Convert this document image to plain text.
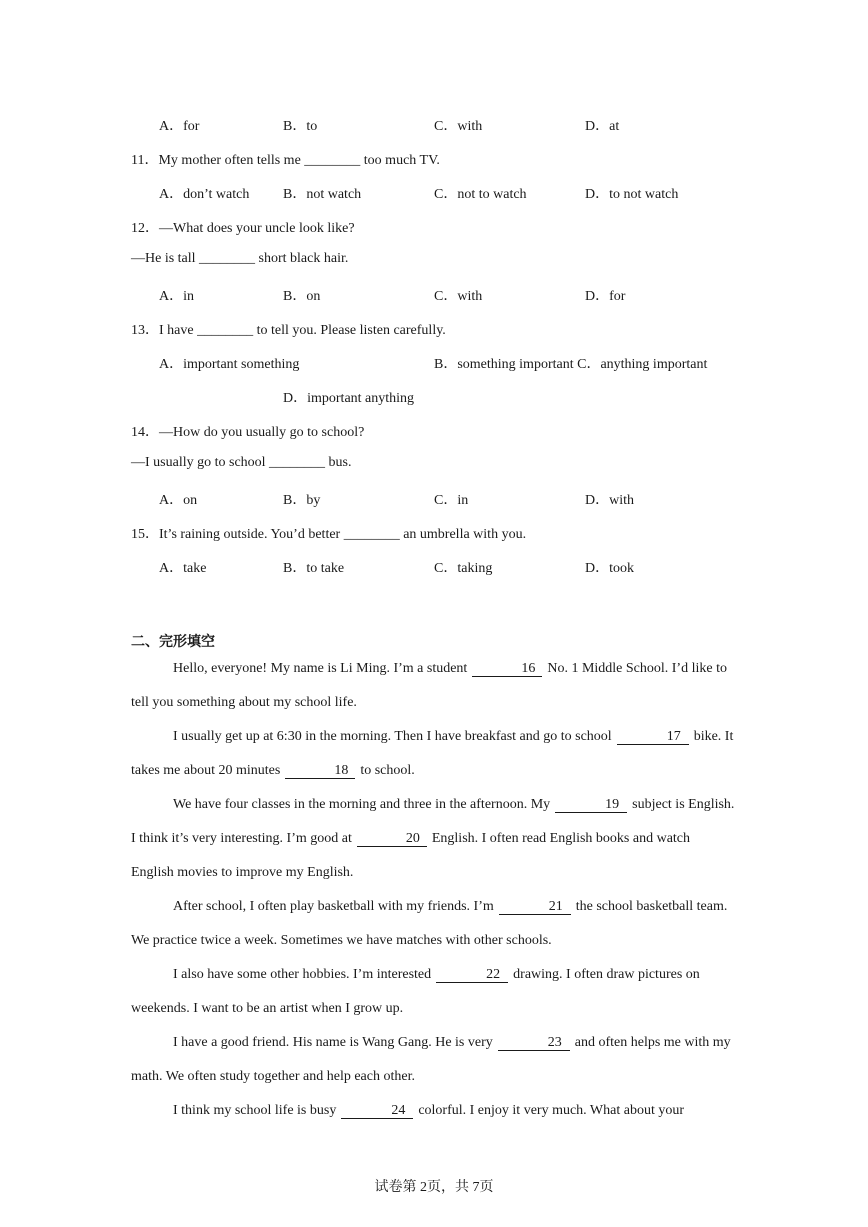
A．for	B．to	C．with	D．at
11．My mother often tells me ________ too much TV.
A．don’t watch B．not watch	C．not to watch	D．to not watch
12．—What does your uncle look like?
—He is tall ________ short black hair.
A．in	B．on	C．with	D．for
13．I have ________ to tell you. Please listen carefully.
A．important something	B．something important C．anything important
D．important anything
14．—How do you usually go to school?
—I usually go to school ________ bus.
A．on	B．by	C．in	D．with
15．It’s raining outside. You’d better ________ an umbrella with you.
A．take	B．to take	C．taking	D．took
二、完形填空
Hello, everyone! My name is Li Ming. I’m a student	16 No. 1 Middle School. I’d like to tell you something about my school life.
I usually get up at 6:30 in the morning. Then I have breakfast and go to school	17 bike. It takes me about 20 minutes	18 to school.
We have four classes in the morning and three in the afternoon. My	19 subject is English. I think it’s very interesting. I’m good at	20 English. I often read English books and watch English movies to improve my English.
After school, I often play basketball with my friends. I’m	21 the school basketball team. We practice twice a week. Sometimes we have matches with other schools.
I also have some other hobbies. I’m interested	22 drawing. I often draw pictures on weekends. I want to be an artist when I grow up.
I have a good friend. His name is Wang Gang. He is very	23 and often helps me with my math. We often study together and help each other.
I think my school life is busy	24 colorful. I enjoy it very much. What about your
试卷第 2页，共 7页
